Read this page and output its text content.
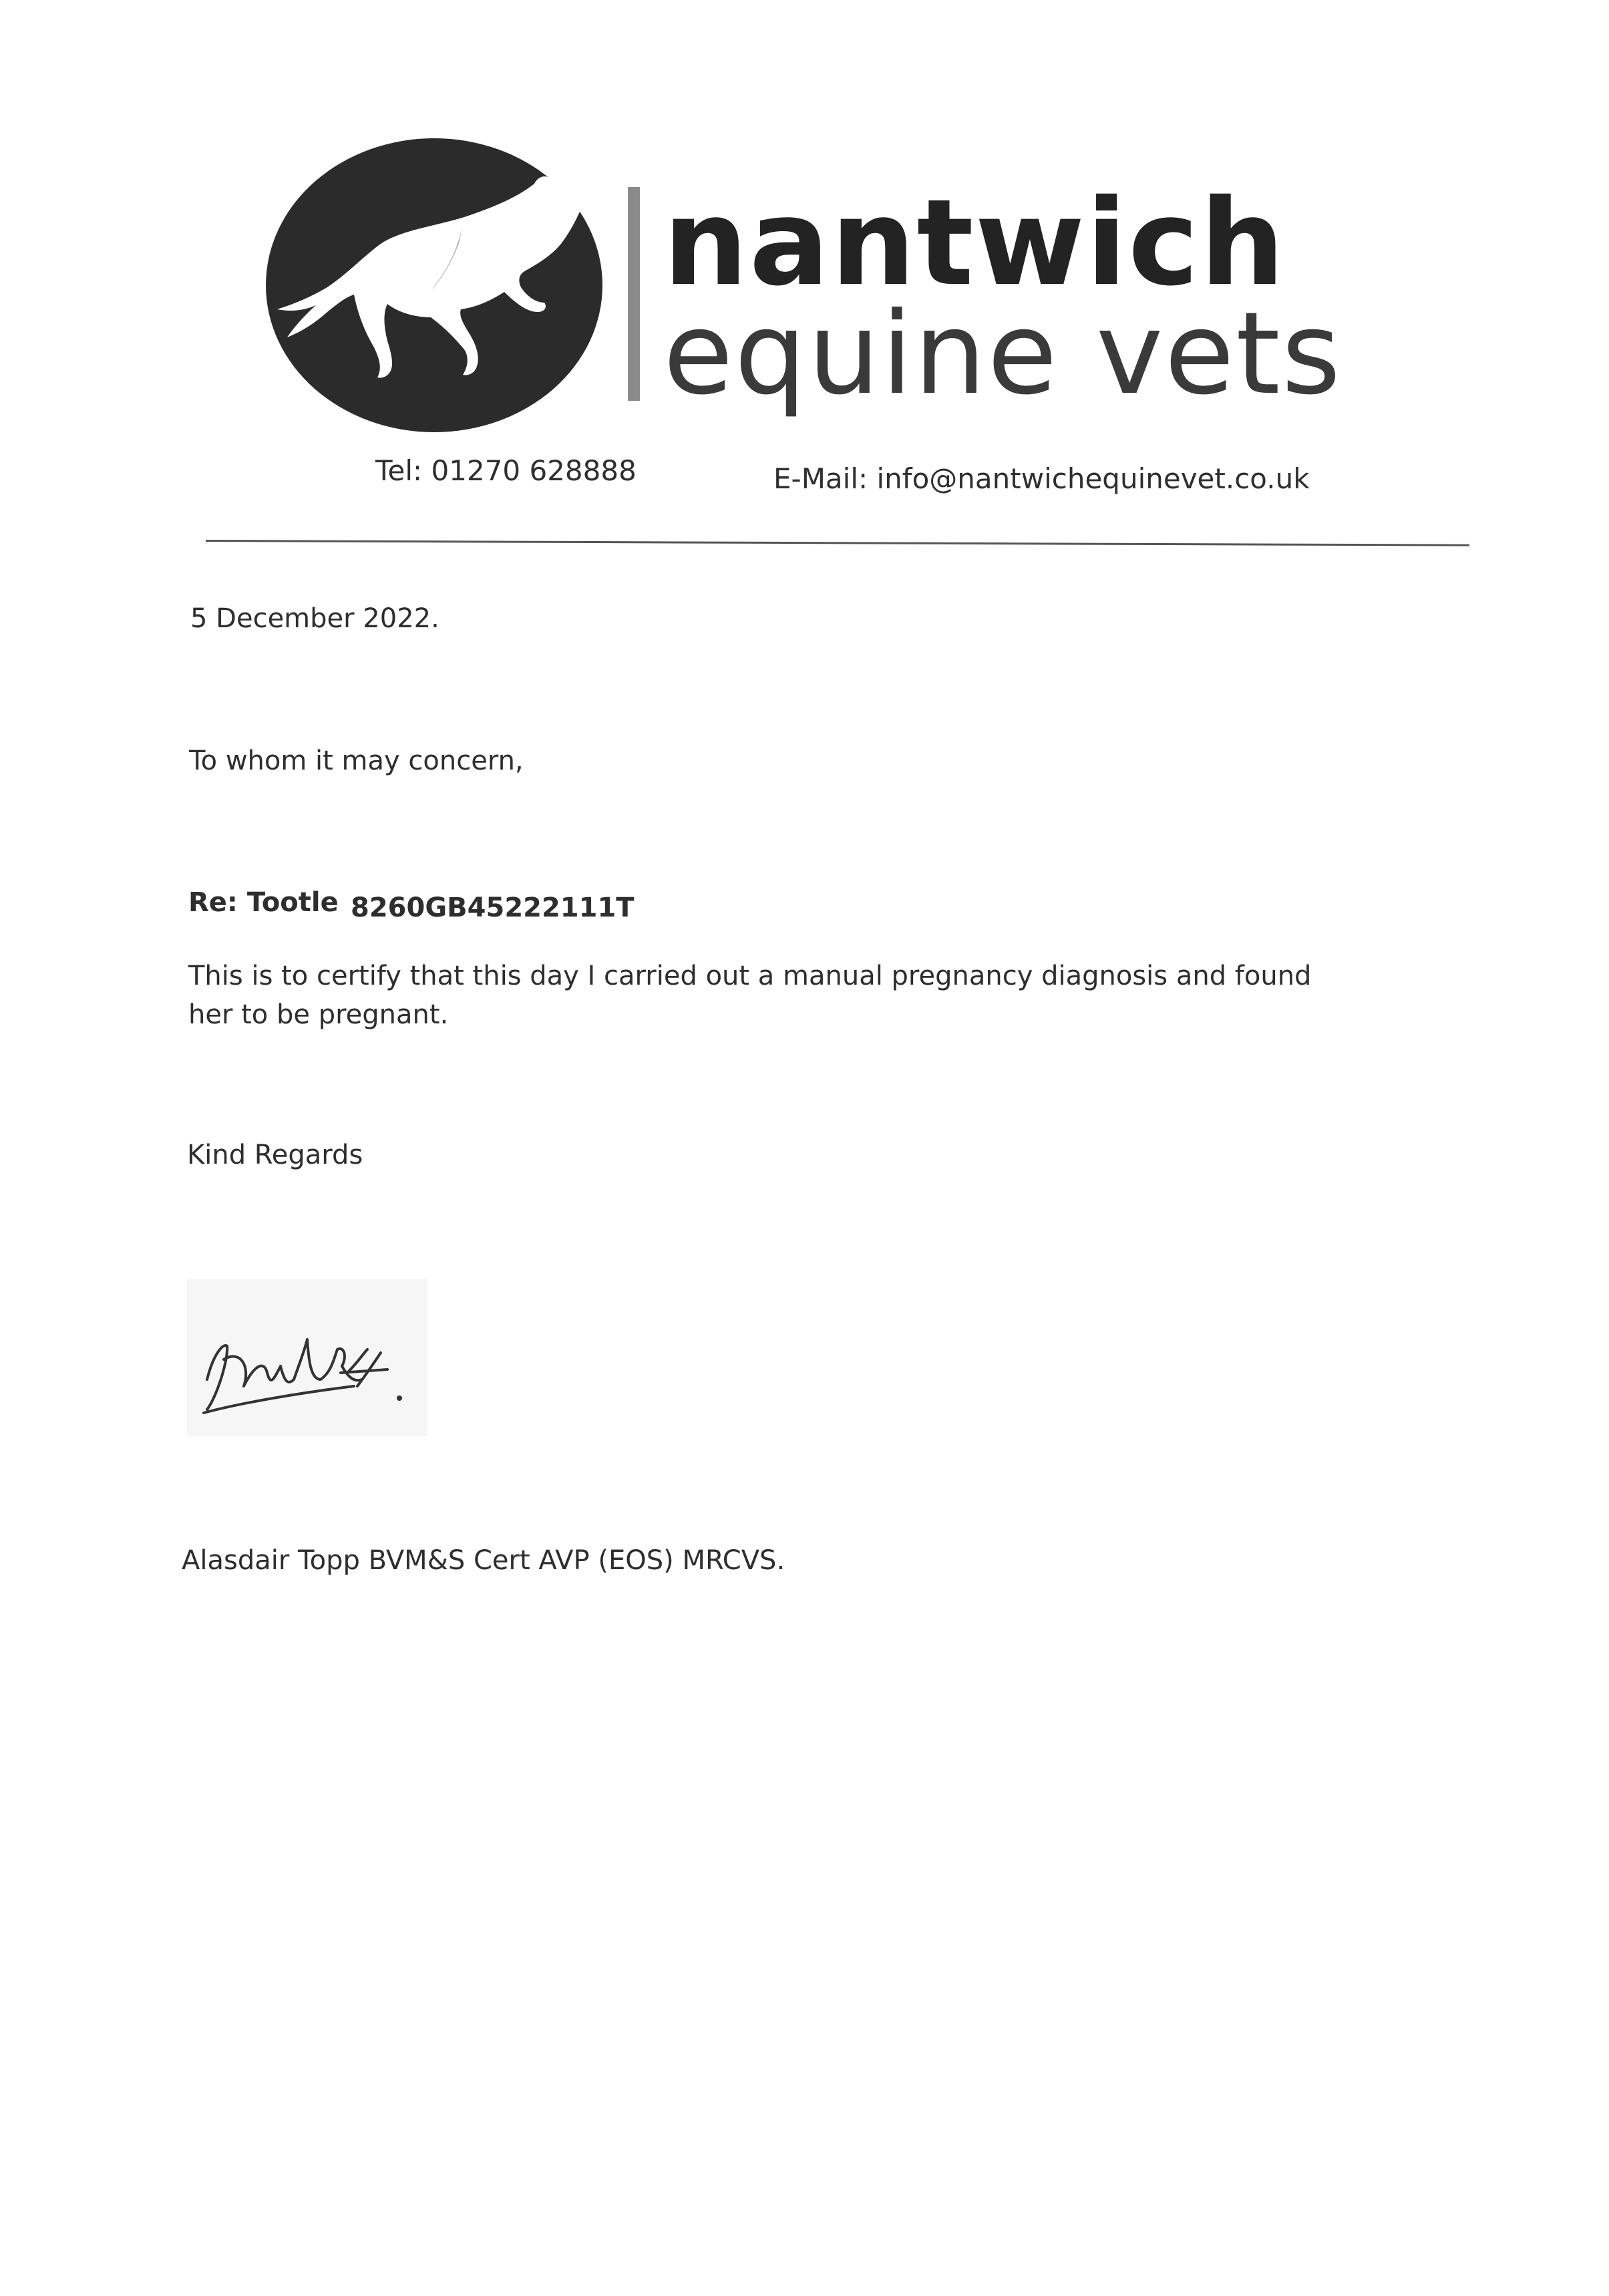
nantwich
equine vets
Tel: 01270 628888	E-Mail: info@nantwichequinevet.co.uk
5 December 2022.
To whom it may concern,
Re: Tootle 8260GB45222111T
This is to certify that this day I carried out a manual pregnancy diagnosis and found her to be pregnant.
Kind Regards
Alasdair Topp BVM&S Cert AVP (EOS) MRCVS.
